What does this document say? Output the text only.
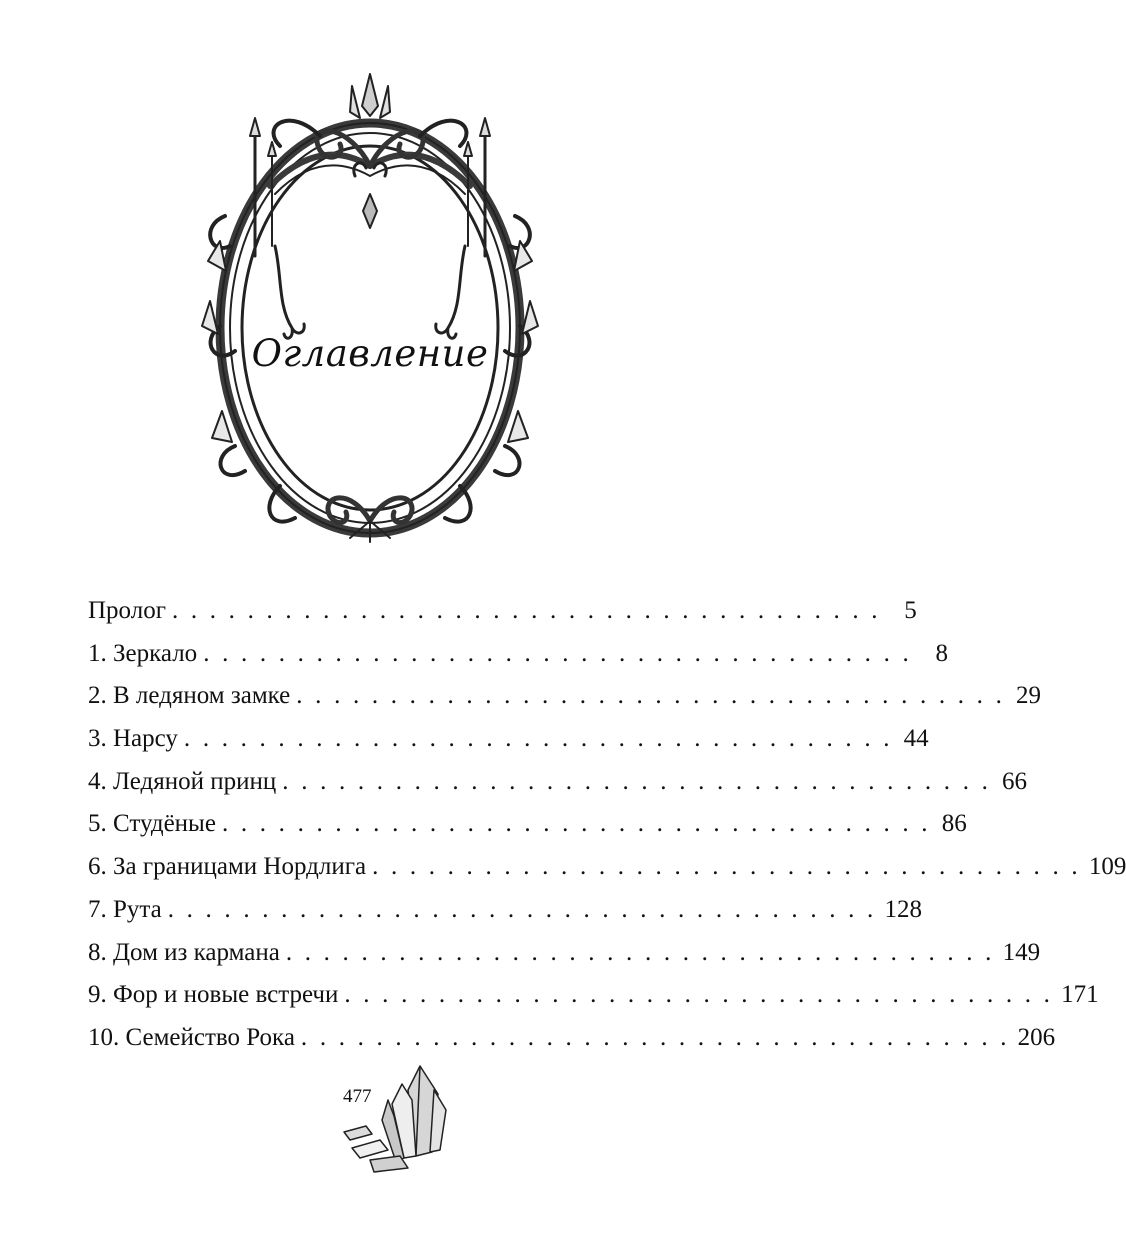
Оглавление
Пролог . . . . . . . . . . . . . . . . . . . . . . . . . . . . . . . . . . . . . . 5
1. Зеркало . . . . . . . . . . . . . . . . . . . . . . . . . . . . . . . . . . . . . . 8
2. В ледяном замке . . . . . . . . . . . . . . . . . . . . . . . . . . . . . . . . . . . . . . 29
3. Нарсу . . . . . . . . . . . . . . . . . . . . . . . . . . . . . . . . . . . . . . 44
4. Ледяной принц . . . . . . . . . . . . . . . . . . . . . . . . . . . . . . . . . . . . . . 66
5. Студёные . . . . . . . . . . . . . . . . . . . . . . . . . . . . . . . . . . . . . . 86
6. За границами Нордлига . . . . . . . . . . . . . . . . . . . . . . . . . . . . . . . . . . . . . . 109
7. Рута . . . . . . . . . . . . . . . . . . . . . . . . . . . . . . . . . . . . . . 128
8. Дом из кармана . . . . . . . . . . . . . . . . . . . . . . . . . . . . . . . . . . . . . . 149
9. Фор и новые встречи . . . . . . . . . . . . . . . . . . . . . . . . . . . . . . . . . . . . . . 171
10. Семейство Рока . . . . . . . . . . . . . . . . . . . . . . . . . . . . . . . . . . . . . . 206
477
